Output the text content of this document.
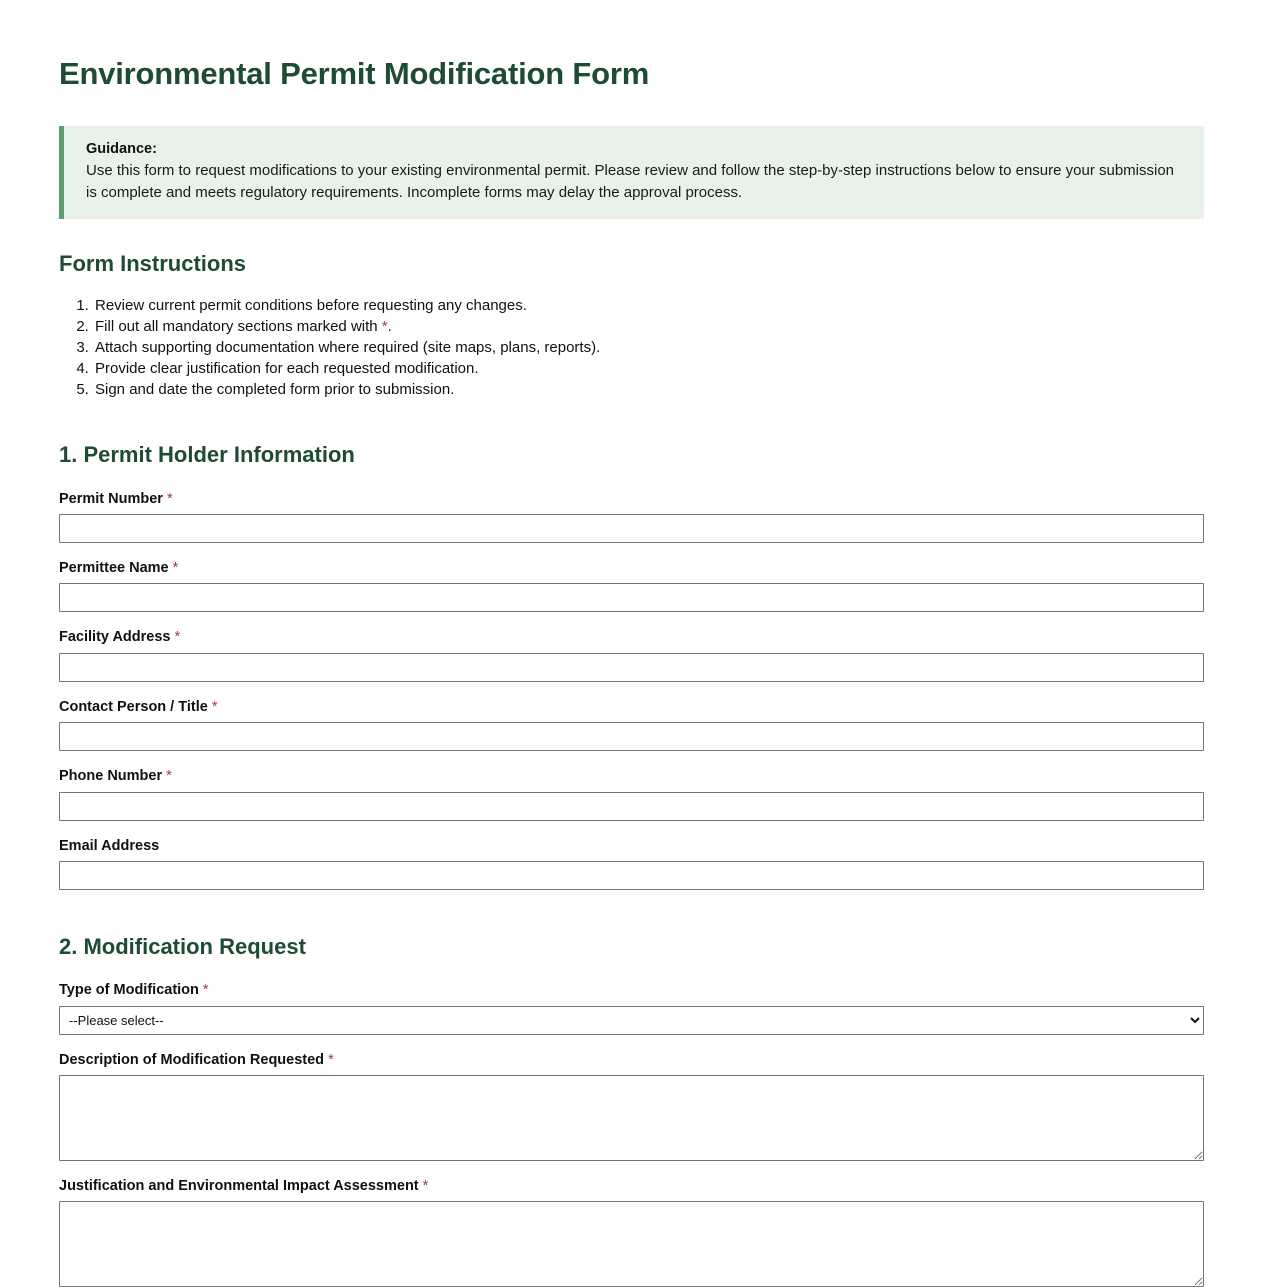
Environmental Permit Modification Form
Guidance:

Use this form to request modifications to your existing environmental permit. Please review and follow the step-by-step instructions below to ensure your submission is complete and meets regulatory requirements. Incomplete forms may delay the approval process.

Form Instructions
1. Review current permit conditions before requesting any changes.
2. Fill out all mandatory sections marked with *.
3. Attach supporting documentation where required (site maps, plans, reports).
4. Provide clear justification for each requested modification.
5. Sign and date the completed form prior to submission.
1. Permit Holder Information
Permit Number *
Permittee Name *
Facility Address *
Contact Person / Title *
Phone Number *
Email Address
2. Modification Request
Type of Modification *
--Please select--
Description of Modification Requested *
Justification and Environmental Impact Assessment *
